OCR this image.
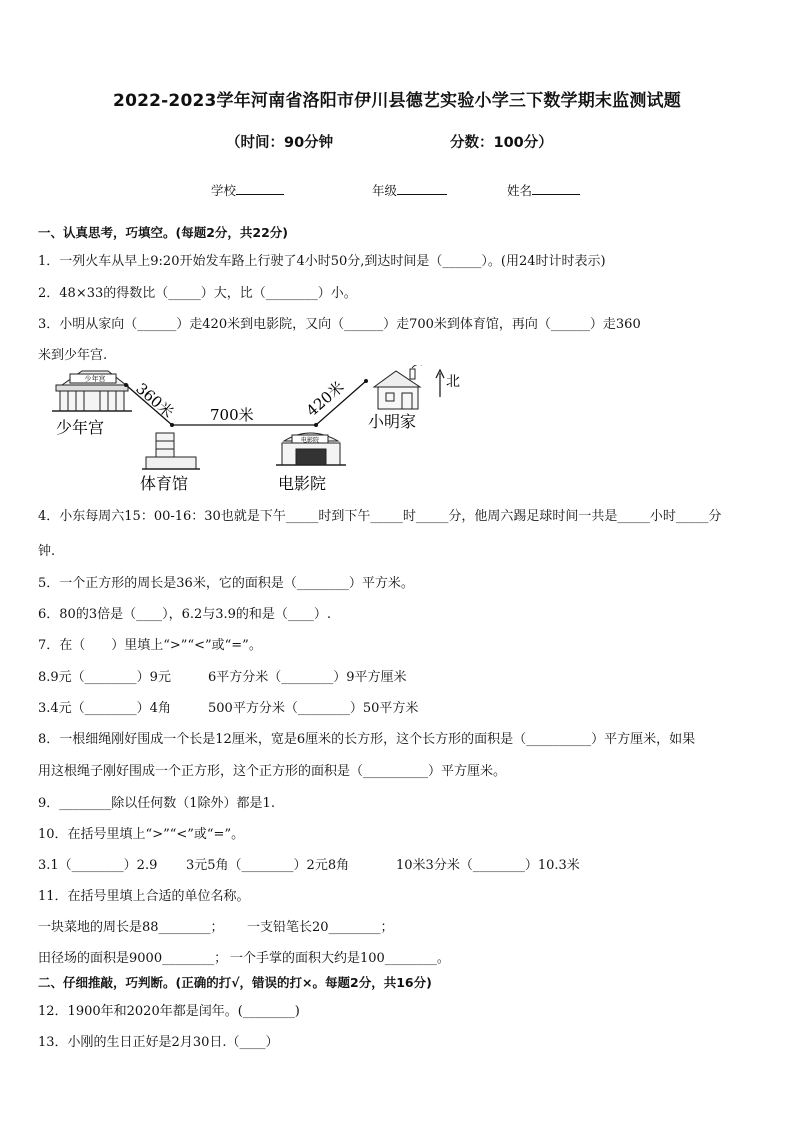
2022-2023学年河南省洛阳市伊川县德艺实验小学三下数学期末监测试题
（时间：90分钟	分数：100分）
学校	年级	姓名
一、认真思考，巧填空。(每题2分，共22分)
1．一列火车从早上9:20开始发车路上行驶了4小时50分,到达时间是（______）。(用24时计时表示)
2．48×33的得数比（_____）大，比（________）小。
3．小明从家向（______）走420米到电影院，又向（______）走700米到体育馆，再向（______）走360
米到少年宫.
少年宫
少年宫
360米 700米	420米	北
小明家
体育馆
电影院
电影院
4．小东每周六15：00-16：30也就是下午_____时到下午_____时_____分，他周六踢足球时间一共是_____小时_____分
钟.
5．一个正方形的周长是36米，它的面积是（________）平方米。
6．80的3倍是（____），6.2与3.9的和是（____）.
7．在（　　）里填上“>”“<”或“=”。
8.9元（________）9元	6平方分米（________）9平方厘米
3.4元（________）4角	500平方分米（________）50平方米
8．一根细绳刚好围成一个长是12厘米，宽是6厘米的长方形，这个长方形的面积是（__________）平方厘米，如果
用这根绳子刚好围成一个正方形，这个正方形的面积是（__________）平方厘米。
9．________除以任何数（1除外）都是1.
10．在括号里填上“>”“<”或“=”。
3.1（________）2.9 3元5角（________）2元8角	10米3分米（________）10.3米
11．在括号里填上合适的单位名称。
一块菜地的周长是88________； 一支铅笔长20________；
田径场的面积是9000________； 一个手掌的面积大约是100________。
二、仔细推敲，巧判断。(正确的打√，错误的打×。每题2分，共16分)
12．1900年和2020年都是闰年。(________)
13．小刚的生日正好是2月30日.（____）
